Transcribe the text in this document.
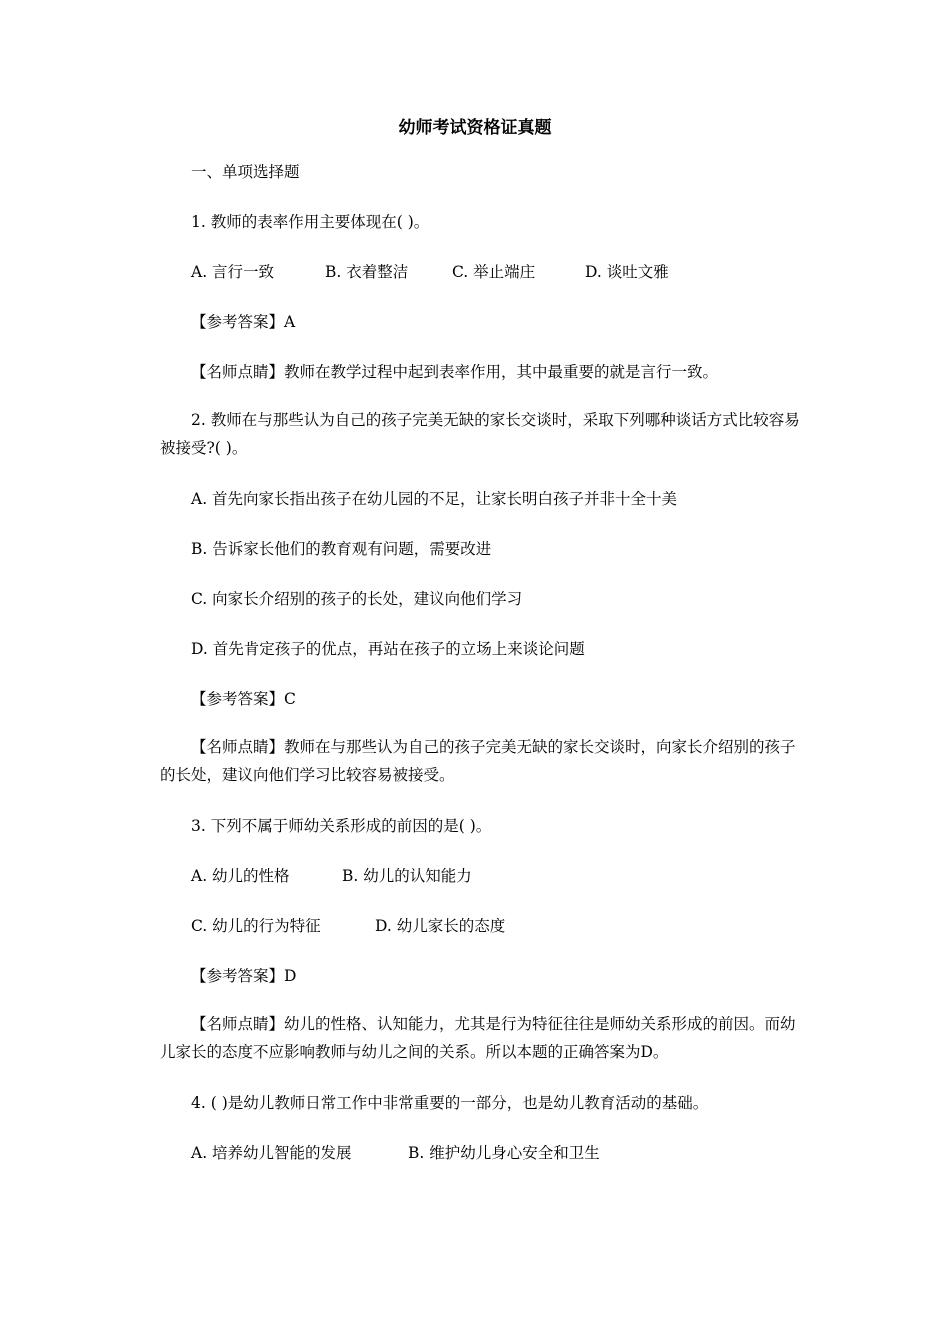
幼师考试资格证真题

一、单项选择题

1. 教师的表率作用主要体现在( )。

A. 言行一致	B. 衣着整洁	C. 举止端庄	D. 谈吐文雅

【参考答案】A

【名师点睛】教师在教学过程中起到表率作用，其中最重要的就是言行一致。

2. 教师在与那些认为自己的孩子完美无缺的家长交谈时，采取下列哪种谈话方式比较容易被接受?( )。

A. 首先向家长指出孩子在幼儿园的不足，让家长明白孩子并非十全十美

B. 告诉家长他们的教育观有问题，需要改进

C. 向家长介绍别的孩子的长处，建议向他们学习

D. 首先肯定孩子的优点，再站在孩子的立场上来谈论问题

【参考答案】C

【名师点睛】教师在与那些认为自己的孩子完美无缺的家长交谈时，向家长介绍别的孩子的长处，建议向他们学习比较容易被接受。

3. 下列不属于师幼关系形成的前因的是( )。

A. 幼儿的性格	B. 幼儿的认知能力
C. 幼儿的行为特征	D. 幼儿家长的态度

【参考答案】D

【名师点睛】幼儿的性格、认知能力，尤其是行为特征往往是师幼关系形成的前因。而幼儿家长的态度不应影响教师与幼儿之间的关系。所以本题的正确答案为D。

4. ( )是幼儿教师日常工作中非常重要的一部分，也是幼儿教育活动的基础。

A. 培养幼儿智能的发展	B. 维护幼儿身心安全和卫生
